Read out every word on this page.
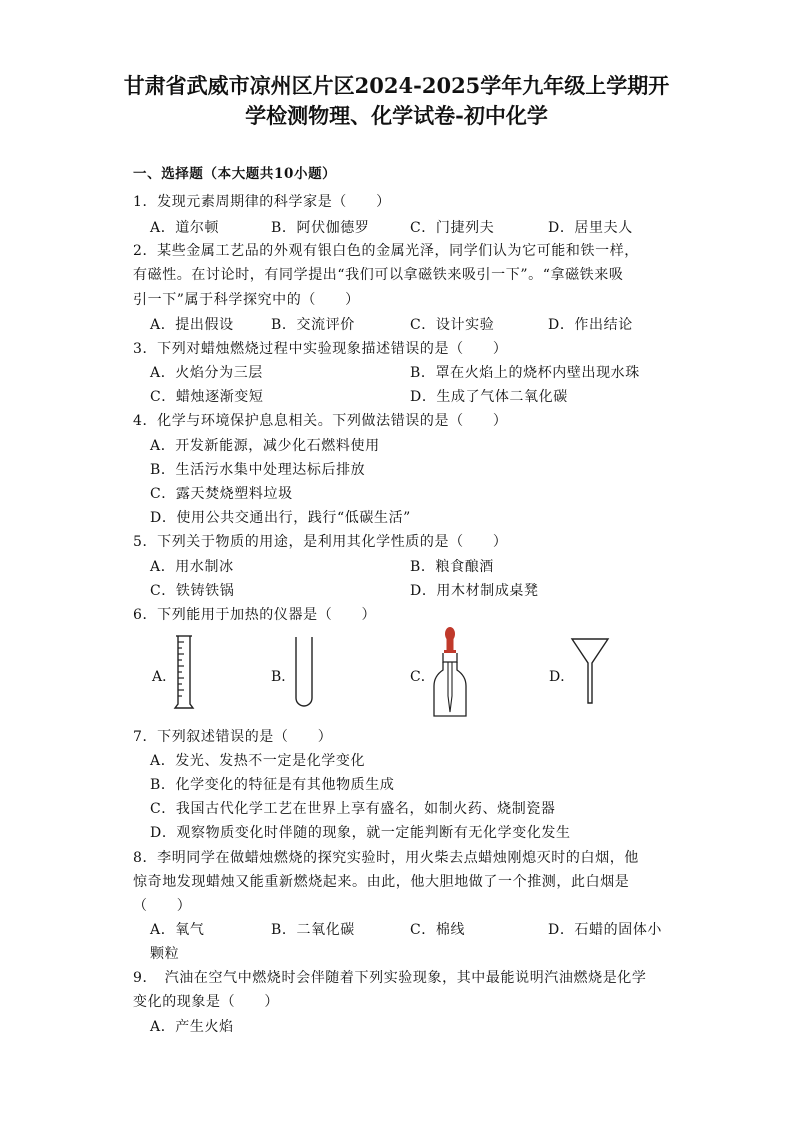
甘肃省武威市凉州区片区2024-2025学年九年级上学期开
学检测物理、化学试卷-初中化学
一、选择题（本大题共10小题）
1．发现元素周期律的科学家是（　　）
A．道尔顿	B．阿伏伽德罗	C．门捷列夫	D．居里夫人
2．某些金属工艺品的外观有银白色的金属光泽，同学们认为它可能和铁一样，
有磁性。在讨论时，有同学提出“我们可以拿磁铁来吸引一下”。“拿磁铁来吸
引一下”属于科学探究中的（　　）
A．提出假设	B．交流评价	C．设计实验	D．作出结论
3．下列对蜡烛燃烧过程中实验现象描述错误的是（　　）
A．火焰分为三层	B．罩在火焰上的烧杯内壁出现水珠
C．蜡烛逐渐变短	D．生成了气体二氧化碳
4．化学与环境保护息息相关。下列做法错误的是（　　）
A．开发新能源，减少化石燃料使用
B．生活污水集中处理达标后排放
C．露天焚烧塑料垃圾
D．使用公共交通出行，践行“低碳生活”
5．下列关于物质的用途，是利用其化学性质的是（　　）
A．用水制冰	B．粮食酿酒
C．铁铸铁锅	D．用木材制成桌凳
6．下列能用于加热的仪器是（　　）
A．	B．	C．	D．
7．下列叙述错误的是（　　）
A．发光、发热不一定是化学变化
B．化学变化的特征是有其他物质生成
C．我国古代化学工艺在世界上享有盛名，如制火药、烧制瓷器
D．观察物质变化时伴随的现象，就一定能判断有无化学变化发生
8．李明同学在做蜡烛燃烧的探究实验时，用火柴去点蜡烛刚熄灭时的白烟，他
惊奇地发现蜡烛又能重新燃烧起来。由此，他大胆地做了一个推测，此白烟是
（　　）
A．氧气	B．二氧化碳	C．棉线	D．石蜡的固体小
颗粒
9．　汽油在空气中燃烧时会伴随着下列实验现象，其中最能说明汽油燃烧是化学
变化的现象是（　　）
A．产生火焰
